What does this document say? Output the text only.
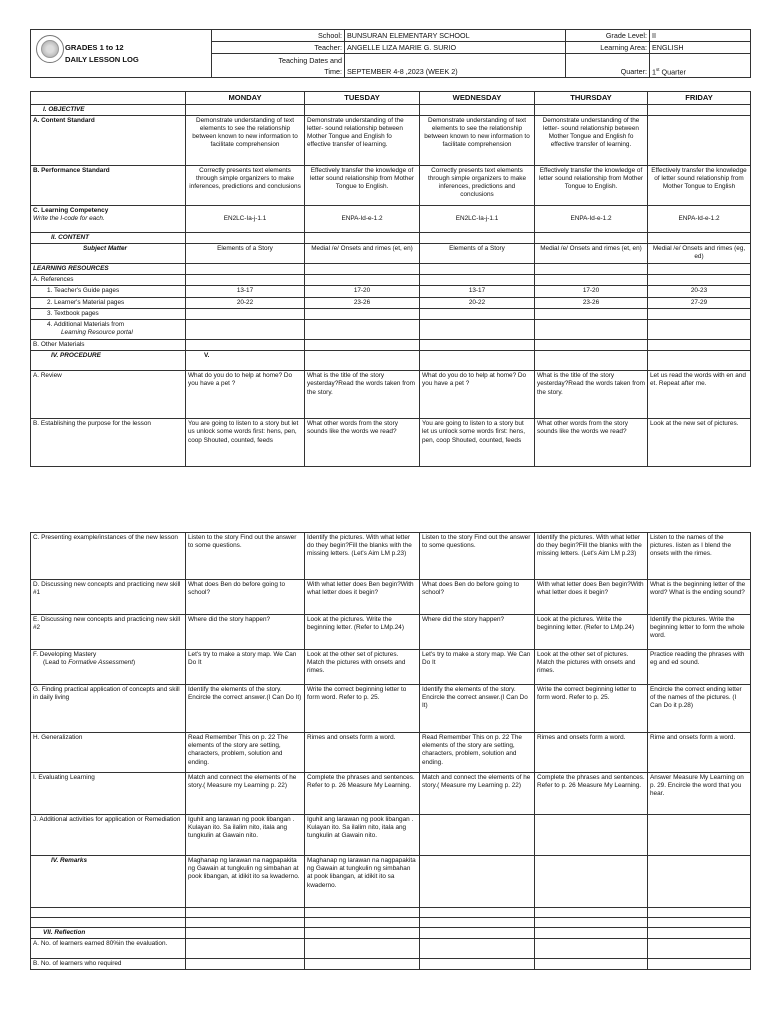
GRADES 1 to 12
DAILY LESSON LOG	School:	BUNSURAN ELEMENTARY SCHOOL	Grade Level:	II
	Teacher:	ANGELLE LIZA MARIE G. SURIO	Learning Area:	ENGLISH
	Teaching Dates and	SEPTEMBER 4-8 ,2023 (WEEK 2)	Quarter:	1st Quarter
	Time:			
	MONDAY	TUESDAY	WEDNESDAY	THURSDAY	FRIDAY
I. OBJECTIVE					
A. Content Standard	Demonstrate understanding of text elements to see the relationship between known to new information to facilitate comprehension	Demonstrate understanding of the letter- sound relationship between Mother Tongue and English fo effective transfer of learning.	Demonstrate understanding of text elements to see the relationship between known to new information to facilitate comprehension	Demonstrate understanding of the letter- sound relationship between Mother Tongue and English fo effective transfer of learning.	
B. Performance Standard	Correctly presents text elements through simple organizers to make inferences, predictions and conclusions	Effectively transfer the knowledge of letter sound relationship from Mother Tongue to English.	Correctly presents text elements through simple organizers to make inferences, predictions and conclusions	Effectively transfer the knowledge of letter sound relationship from Mother Tongue to English.	Effectively transfer the knowledge of letter sound relationship from Mother Tongue to English

C. Learning Competency
Write the I-code for each.	EN2LC-Ia-j-1.1	ENPA-Id-e-1.2	EN2LC-Ia-j-1.1	ENPA-Id-e-1.2	ENPA-Id-e-1.2
II. CONTENT					
Subject Matter	Elements of a Story	Medial /e/ Onsets and rimes (et, en)	Elements of a Story	Medial /e/ Onsets and rimes (et, en)	Medial /e/ Onsets and rimes (eg, ed)
LEARNING RESOURCES					
A. References					
1. Teacher's Guide pages	13-17	17-20	13-17	17-20	20-23
2. Learner's Material pages	20-22	23-26	20-22	23-26	27-29
3. Textbook pages					

4. Additional Materials from
Learning Resource portal					

B. Other Materials					
IV. PROCEDURE	V.				
A. Review	What do you do to help at home? Do you have a pet ?	What is the title of the story yesterday?Read the words taken from the story.	What do you do to help at home? Do you have a pet ?	What is the title of the story yesterday?Read the words taken from the story.	Let us read the words with en and et. Repeat after me.
B. Establishing the purpose for the lesson	You are going to listen to a story but let us unlock some words first: hens, pen, coop Shouted, counted, feeds	What other words from the story sounds like the words we read?	You are going to listen to a story but let us unlock some words first: hens, pen, coop Shouted, counted, feeds	What other words from the story sounds like the words we read?	Look at the new set of pictures.
C. Presenting example/instances of the new lesson	Listen to the story Find out the answer to some questions.	Identify the pictures. With what letter do they begin?Fill the blanks with the missing letters. (Let's Aim LM p.23)	Listen to the story Find out the answer to some questions.	Identify the pictures. With what letter do they begin?Fill the blanks with the missing letters. (Let's Aim LM p.23)	Listen to the names of the pictures. listen as I blend the onsets with the rimes.
D. Discussing new concepts and practicing new skill #1	What does Ben do before going to school?	With what letter does Ben begin?With what letter does it begin?	What does Ben do before going to school?	With what letter does Ben begin?With what letter does it begin?	What is the beginning letter of the word? What is the ending sound?
E. Discussing new concepts and practicing new skill #2	Where did the story happen?	Look at the pictures. Write the beginning letter. (Refer to LMp.24)	Where did the story happen?	Look at the pictures. Write the beginning letter. (Refer to LMp.24)	Identify the pictures. Write the beginning letter to form the whole word.

F. Developing Mastery
(Lead to Formative Assessment)	Let's try to make a story map. We Can Do It	Look at the other set of pictures. Match the pictures with onsets and rimes.	Let's try to make a story map. We Can Do It	Look at the other set of pictures. Match the pictures with onsets and rimes.	Practice reading the phrases with eg and ed sound.
G. Finding practical application of concepts and skill in daily living	Identify the elements of the story. Encircle the correct answer.(I Can Do It)	Write the correct beginning letter to form word. Refer to p. 25.	Identify the elements of the story. Encircle the correct answer.(I Can Do It)	Write the correct beginning letter to form word. Refer to p. 25.	Encircle the correct ending letter of the names of the pictures. (I Can Do it p.28)
H. Generalization	Read Remember This on p. 22 The elements of the story are setting, characters, problem, solution and ending.	Rimes and onsets form a word.	Read Remember This on p. 22 The elements of the story are setting, characters, problem, solution and ending.	Rimes and onsets form a word.	Rime and onsets form a word.
I. Evaluating Learning	Match and connect the elements of he story.( Measure my Learning p. 22)	Complete the phrases and sentences. Refer to p. 26 Measure My Learning.	Match and connect the elements of he story.( Measure my Learning p. 22)	Complete the phrases and sentences. Refer to p. 26 Measure My Learning.	Answer Measure My Learning on p. 29. Encircle the word that you hear.
J. Additional activities for application or Remediation	Iguhit ang larawan ng pook libangan . Kulayan ito. Sa ilalim nito, itala ang tungkulin at Gawain nito.	Iguhit ang larawan ng pook libangan . Kulayan ito. Sa ilalim nito, itala ang tungkulin at Gawain nito.			
IV. Remarks	Maghanap ng larawan na nagpapakita ng Gawain at tungkulin ng simbahan at pook libangan, at idikit ito sa kwaderno.	Maghanap ng larawan na nagpapakita ng Gawain at tungkulin ng simbahan at pook libangan, at idikit ito sa kwaderno.			

VII. Reflection					
A. No. of learners earned 80%in the evaluation.					
B. No. of learners who required					
